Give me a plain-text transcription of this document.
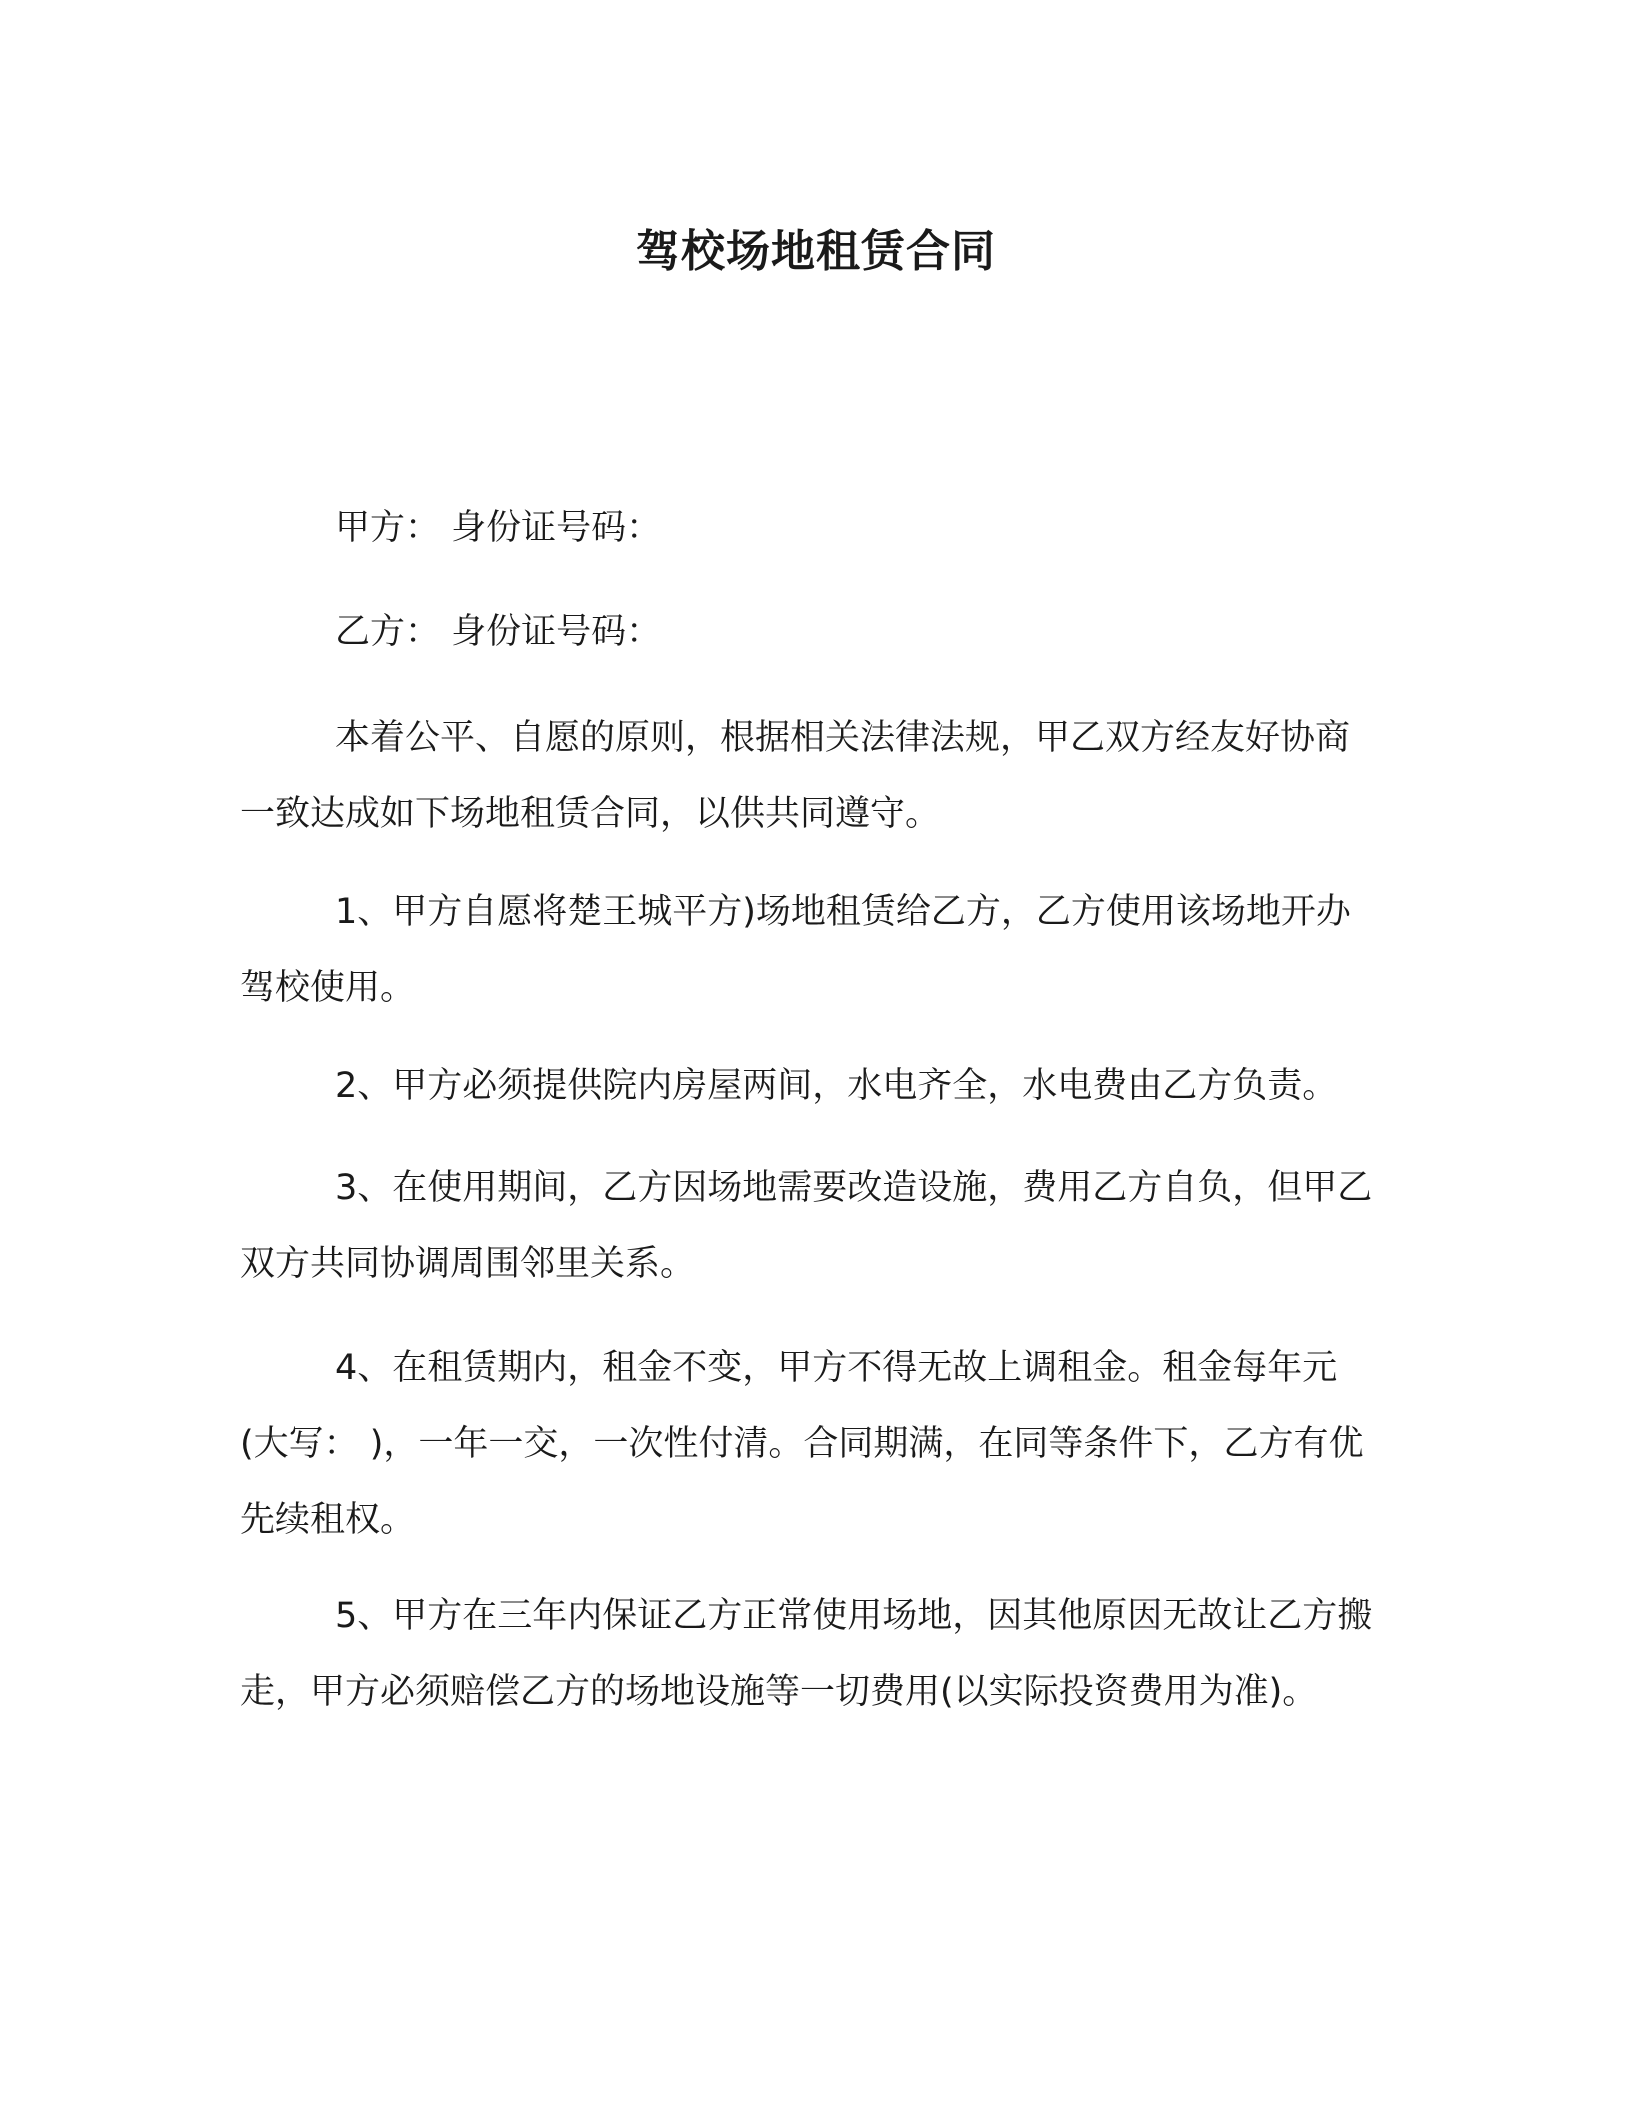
驾校场地租赁合同

甲方： 身份证号码：

乙方： 身份证号码：

本着公平、自愿的原则，根据相关法律法规，甲乙双方经友好协商一致达成如下场地租赁合同，以供共同遵守。

1、甲方自愿将楚王城平方)场地租赁给乙方，乙方使用该场地开办驾校使用。

2、甲方必须提供院内房屋两间，水电齐全，水电费由乙方负责。

3、在使用期间，乙方因场地需要改造设施，费用乙方自负，但甲乙双方共同协调周围邻里关系。

4、在租赁期内，租金不变，甲方不得无故上调租金。租金每年元(大写： )，一年一交，一次性付清。合同期满，在同等条件下，乙方有优先续租权。

5、甲方在三年内保证乙方正常使用场地，因其他原因无故让乙方搬走，甲方必须赔偿乙方的场地设施等一切费用(以实际投资费用为准)。
